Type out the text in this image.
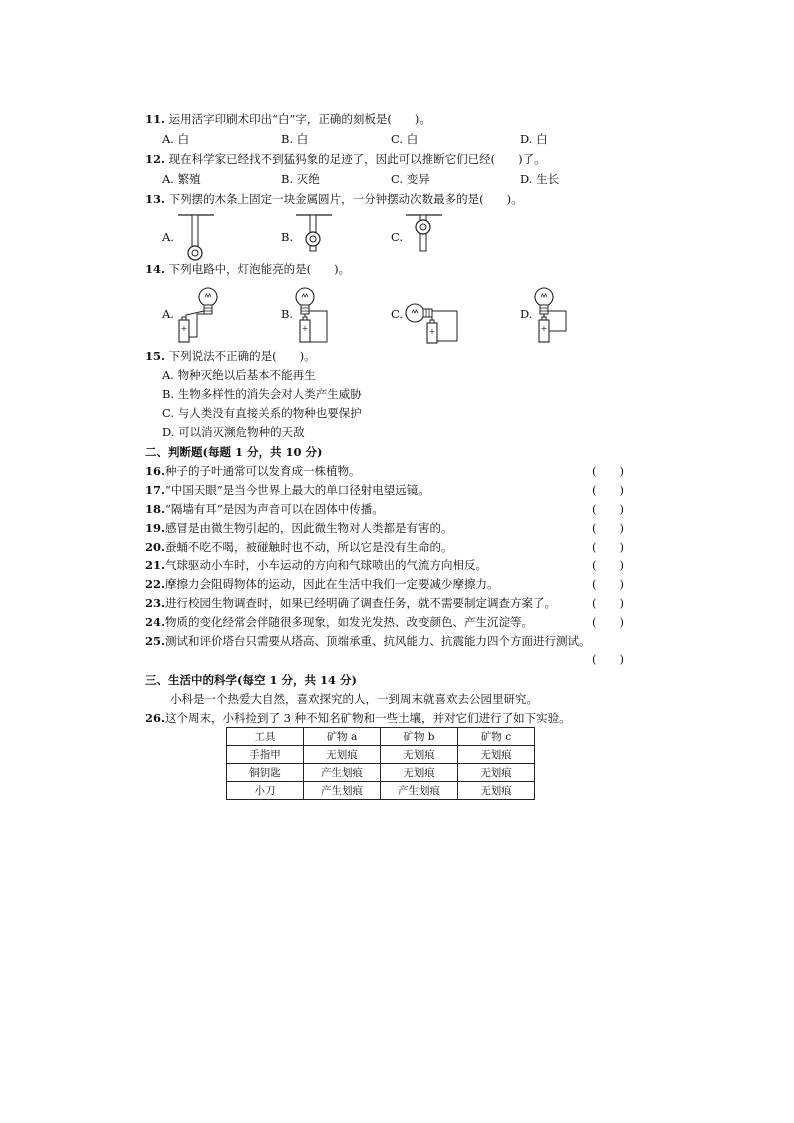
11. 运用活字印刷术印出“白”字，正确的刻板是(　　)。
A. 白	B. 白	C. 白	D. 白
12. 现在科学家已经找不到猛犸象的足迹了，因此可以推断它们已经(　　)了。
A. 繁殖	B. 灭绝	C. 变异	D. 生长
13. 下列摆的木条上固定一块金属圆片，一分钟摆动次数最多的是(　　)。
A.	B.	C.
14. 下列电路中，灯泡能亮的是(　　)。
A.	B.	C.	D.
+	+	+	+
15. 下列说法不正确的是(　　)。
A. 物种灭绝以后基本不能再生
B. 生物多样性的消失会对人类产生威胁
C. 与人类没有直接关系的物种也要保护
D. 可以消灭濒危物种的天敌
二、判断题(每题 1 分，共 10 分)
16.种子的子叶通常可以发育成一株植物。	(　　)
17.“中国天眼”是当今世界上最大的单口径射电望远镜。	(　　)
18.“隔墙有耳”是因为声音可以在固体中传播。	(　　)
19.感冒是由微生物引起的，因此微生物对人类都是有害的。	(　　)
20.蚕蛹不吃不喝，被碰触时也不动，所以它是没有生命的。	(　　)
21.气球驱动小车时，小车运动的方向和气球喷出的气流方向相反。	(　　)
22.摩擦力会阻碍物体的运动，因此在生活中我们一定要减少摩擦力。	(　　)
23.进行校园生物调查时，如果已经明确了调查任务，就不需要制定调查方案了。	(　　)
24.物质的变化经常会伴随很多现象，如发光发热、改变颜色、产生沉淀等。	(　　)
25.测试和评价塔台只需要从塔高、顶端承重、抗风能力、抗震能力四个方面进行测试。
(　　)
三、生活中的科学(每空 1 分，共 14 分)
小科是一个热爱大自然，喜欢探究的人，一到周末就喜欢去公园里研究。
26.这个周末，小科捡到了 3 种不知名矿物和一些土壤，并对它们进行了如下实验。
工具	矿物 a	矿物 b	矿物 c
手指甲	无划痕	无划痕	无划痕
铜钥匙	产生划痕	无划痕	无划痕
小刀	产生划痕	产生划痕	无划痕
